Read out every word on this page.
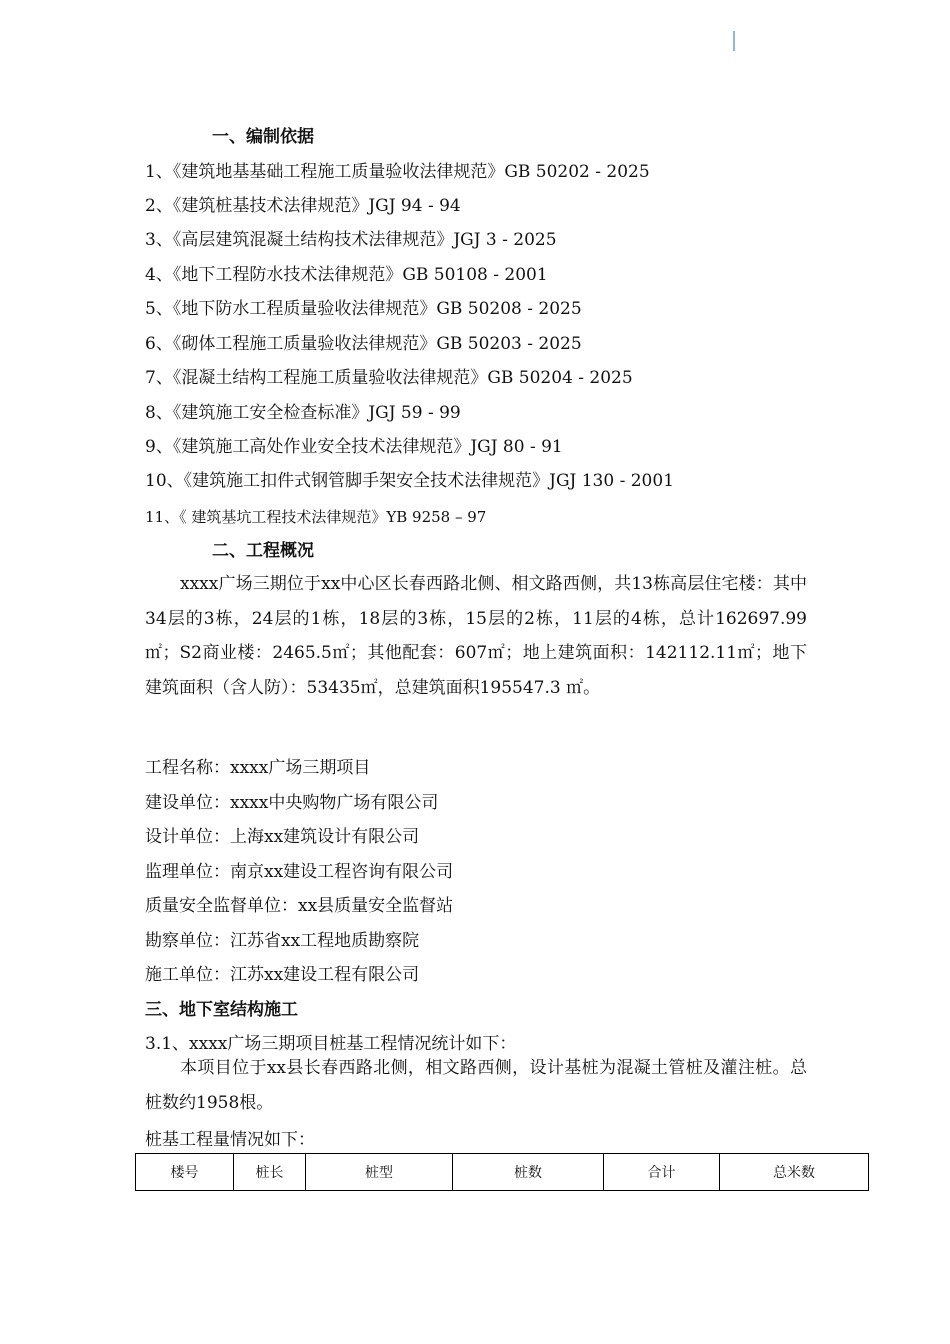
一、编制依据
1、《建筑地基基础工程施工质量验收法律规范》GB 50202 - 2025
2、《建筑桩基技术法律规范》JGJ 94 - 94
3、《高层建筑混凝土结构技术法律规范》JGJ 3 - 2025
4、《地下工程防水技术法律规范》GB 50108 - 2001
5、《地下防水工程质量验收法律规范》GB 50208 - 2025
6、《砌体工程施工质量验收法律规范》GB 50203 - 2025
7、《混凝土结构工程施工质量验收法律规范》GB 50204 - 2025
8、《建筑施工安全检查标准》JGJ 59 - 99
9、《建筑施工高处作业安全技术法律规范》JGJ 80 - 91
10、《建筑施工扣件式钢管脚手架安全技术法律规范》JGJ 130 - 2001
11、《 建筑基坑工程技术法律规范》YB 9258 – 97
二、工程概况

xxxx广场三期位于xx中心区长春西路北侧、相文路西侧，共13栋高层住宅楼：其中34层的3栋，24层的1栋，18层的3栋，15层的2栋，11层的4栋，总计162697.99㎡；S2商业楼：2465.5㎡；其他配套：607㎡；地上建筑面积：142112.11㎡；地下建筑面积（含人防）：53435㎡，总建筑面积195547.3 ㎡。

工程名称：xxxx广场三期项目
建设单位：xxxx中央购物广场有限公司
设计单位：上海xx建筑设计有限公司
监理单位：南京xx建设工程咨询有限公司
质量安全监督单位：xx县质量安全监督站
勘察单位：江苏省xx工程地质勘察院
施工单位：江苏xx建设工程有限公司
三、地下室结构施工
3.1、xxxx广场三期项目桩基工程情况统计如下：

本项目位于xx县长春西路北侧，相文路西侧，设计基桩为混凝土管桩及灌注桩。总桩数约1958根。

桩基工程量情况如下：
楼号	桩长	桩型	桩数	合计	总米数
